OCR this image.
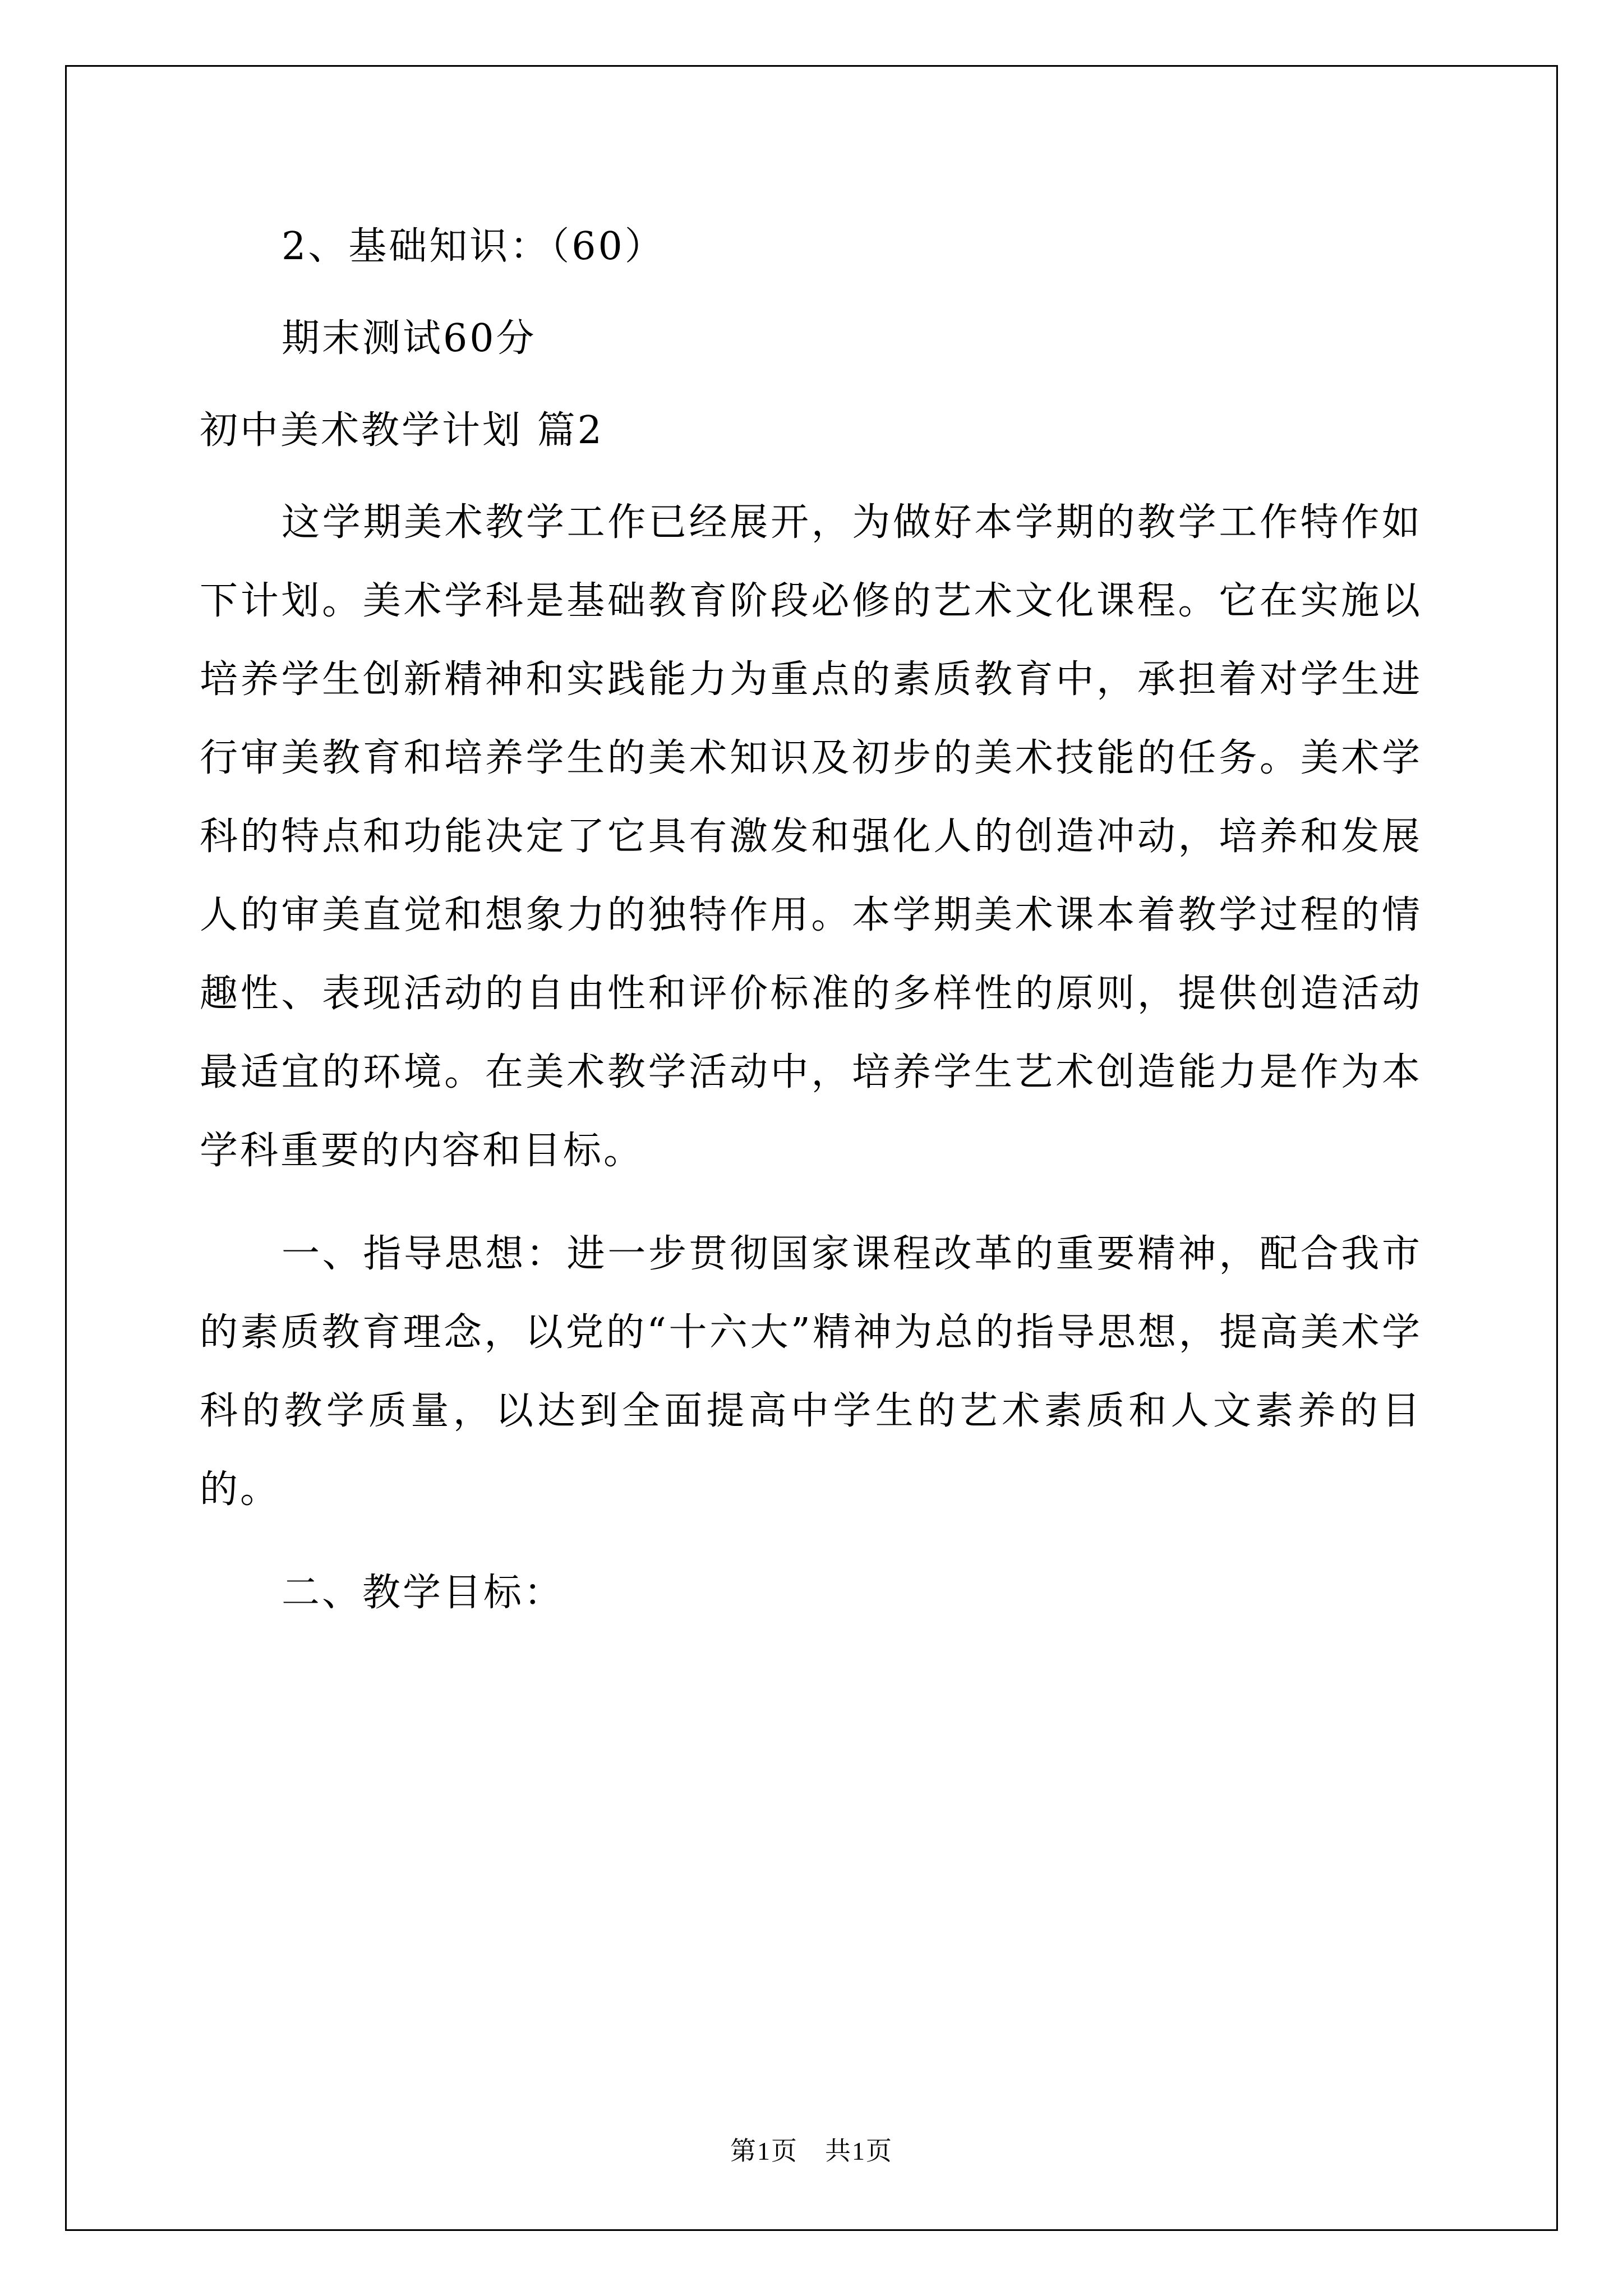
2、基础知识：（60）

期末测试60分

初中美术教学计划 篇2

这学期美术教学工作已经展开，为做好本学期的教学工作特作如下计划。美术学科是基础教育阶段必修的艺术文化课程。它在实施以培养学生创新精神和实践能力为重点的素质教育中，承担着对学生进行审美教育和培养学生的美术知识及初步的美术技能的任务。美术学科的特点和功能决定了它具有激发和强化人的创造冲动，培养和发展人的审美直觉和想象力的独特作用。本学期美术课本着教学过程的情趣性、表现活动的自由性和评价标准的多样性的原则，提供创造活动最适宜的环境。在美术教学活动中，培养学生艺术创造能力是作为本学科重要的内容和目标。

一、指导思想：进一步贯彻国家课程改革的重要精神，配合我市的素质教育理念，以党的“十六大”精神为总的指导思想，提高美术学科的教学质量，以达到全面提高中学生的艺术素质和人文素养的目的。

二、教学目标：

第1页　共1页
